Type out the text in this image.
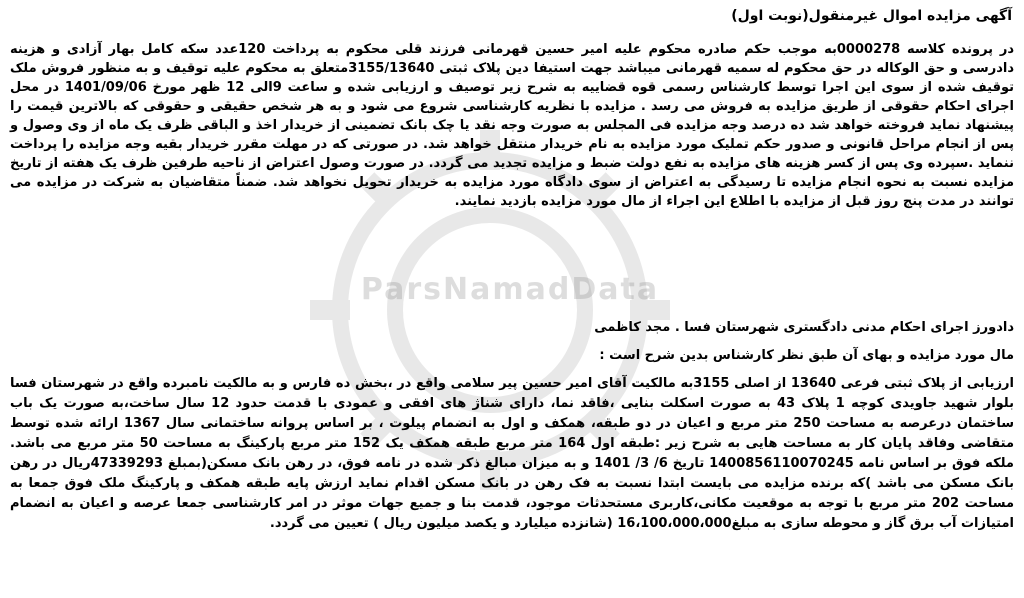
ParsNamadData
آگهی مزایده اموال غیرمنقول(نوبت اول)

در پرونده کلاسه 0000278به موجب حکم صادره محکوم علیه امیر حسین قهرمانی فرزند قلی محکوم به پرداخت 120عدد سکه کامل بهار آزادی و هزینه دادرسی و حق الوکاله در حق محکوم له سمیه قهرمانی میباشد جهت استیفا دین پلاک ثبتی 3155/13640متعلق به محکوم علیه توقیف و به منظور فروش ملک توقیف شده از سوی این اجرا توسط کارشناس رسمی قوه قضاییه به شرح زیر توصیف و ارزیابی شده و ساعت 9الی 12 ظهر مورخ 1401/09/06 در محل اجرای احکام حقوقی از طریق مزایده به فروش می رسد . مزایده با نظریه کارشناسی شروع می شود و به هر شخص حقیقی و حقوقی که بالاترین قیمت را پیشنهاد نماید فروخته خواهد شد ده درصد وجه مزایده فی المجلس به صورت وجه نقد یا چک بانک تضمینی از خریدار اخذ و الباقی ظرف یک ماه از وی وصول و پس از انجام مراحل قانونی و صدور حکم تملیک مورد مزایده به نام خریدار منتقل خواهد شد. در صورتی که در مهلت مقرر خریدار بقیه وجه مزایده را پرداخت ننماید .سپرده وی پس از کسر هزینه های مزایده به نفع دولت ضبط و مزایده تجدید می گردد. در صورت وصول اعتراض از ناحیه طرفین ظرف یک هفته از تاریخ مزایده نسبت به نحوه انجام مزایده تا رسیدگی به اعتراض از سوی دادگاه مورد مزایده به خریدار تحویل نخواهد شد. ضمناً متقاضیان به شرکت در مزایده می توانند در مدت پنج روز قبل از مزایده با اطلاع این اجراء از مال مورد مزایده بازدید نمایند.

دادورز اجرای احکام مدنی دادگستری شهرستان فسا . مجد کاظمی

مال مورد مزایده و بهای آن طبق نظر کارشناس بدین شرح است :

ارزیابی از پلاک ثبتی فرعی 13640 از اصلی 3155به مالکیت آقای امیر حسین پیر سلامی واقع در ،بخش ده فارس و به مالکیت نامبرده واقع در شهرستان فسا بلوار شهید جاویدی کوچه 1 پلاک 43 به صورت اسکلت بنایی ،فاقد نما، دارای شناژ های افقی و عمودی با قدمت حدود 12 سال ساخت،به صورت یک باب ساختمان درعرصه به مساحت 250 متر مربع و اعیان در دو طبقه، همکف و اول به انضمام پیلوت ، بر اساس پروانه ساختمانی سال 1367 ارائه شده توسط متقاضی وفاقد پایان کار به مساحت هایی به شرح زیر :طبقه اول 164 متر مربع طبقه همکف یک 152 متر مربع پارکینگ به مساحت 50 متر مربع می باشد. ملکه فوق بر اساس نامه 1400856110070245 تاریخ 6/ 3/ 1401 و به میزان مبالغ ذکر شده در نامه فوق، در رهن بانک مسکن(بمبلغ 47339293ریال در رهن بانک مسکن می باشد )که برنده مزایده می بایست ابتدا نسبت به فک رهن در بانک مسکن اقدام نماید ارزش پایه طبقه همکف و پارکینگ ملک فوق جمعا به مساحت 202 متر مربع با توجه به موقعیت مکانی،کاربری مستحدثات موجود، قدمت بنا و جمیع جهات موثر در امر کارشناسی جمعا عرصه و اعیان به انضمام امتیازات آب برق گاز و محوطه سازی به مبلغ16،100،000،000 (شانزده میلیارد و یکصد میلیون ریال ) تعیین می گردد.
